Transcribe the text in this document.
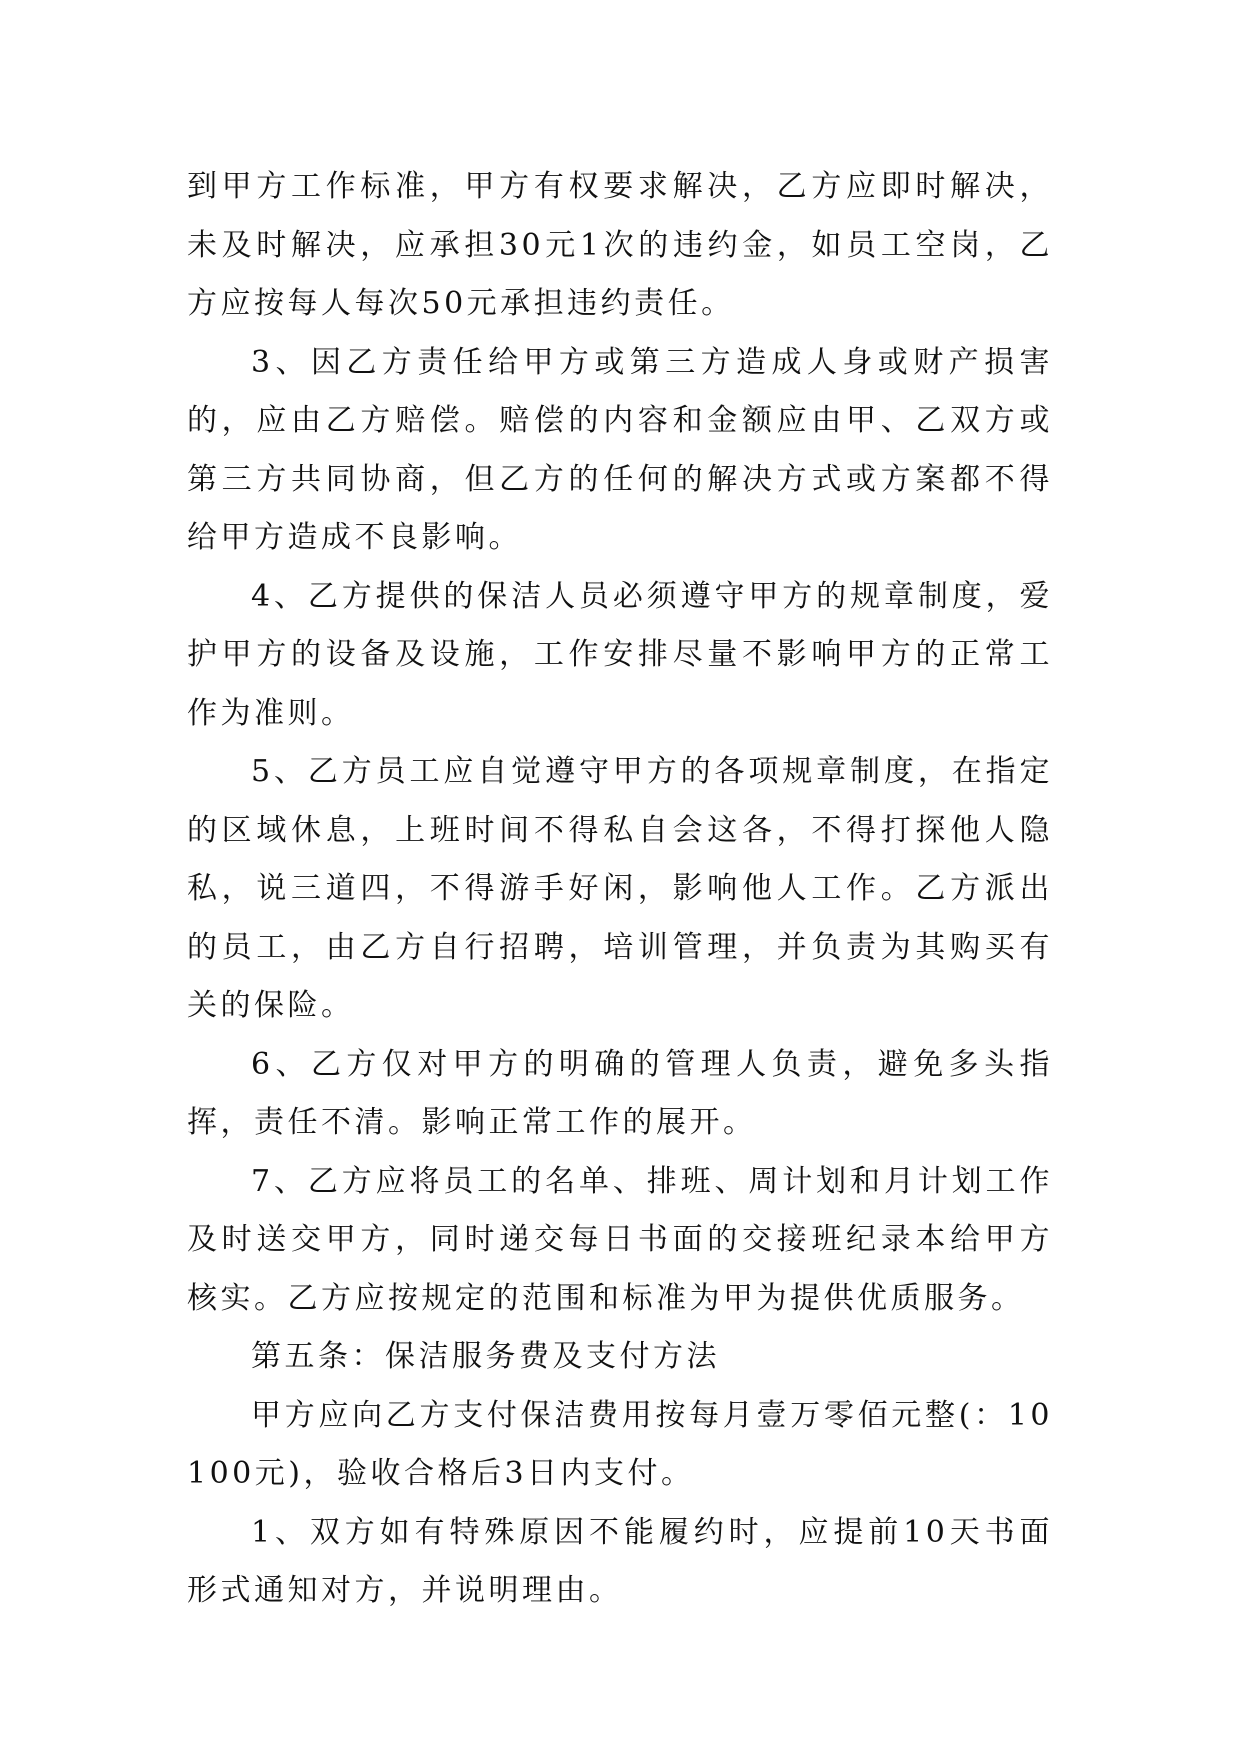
到甲方工作标准，甲方有权要求解决，乙方应即时解决，未及时解决，应承担30元1次的违约金，如员工空岗，乙方应按每人每次50元承担违约责任。

3、因乙方责任给甲方或第三方造成人身或财产损害的，应由乙方赔偿。赔偿的内容和金额应由甲、乙双方或第三方共同协商，但乙方的任何的解决方式或方案都不得给甲方造成不良影响。

4、乙方提供的保洁人员必须遵守甲方的规章制度，爱护甲方的设备及设施，工作安排尽量不影响甲方的正常工作为准则。

5、乙方员工应自觉遵守甲方的各项规章制度，在指定的区域休息，上班时间不得私自会这各，不得打探他人隐私，说三道四，不得游手好闲，影响他人工作。乙方派出的员工，由乙方自行招聘，培训管理，并负责为其购买有关的保险。

6、乙方仅对甲方的明确的管理人负责，避免多头指挥，责任不清。影响正常工作的展开。

7、乙方应将员工的名单、排班、周计划和月计划工作及时送交甲方，同时递交每日书面的交接班纪录本给甲方核实。乙方应按规定的范围和标准为甲为提供优质服务。

第五条：保洁服务费及支付方法

甲方应向乙方支付保洁费用按每月壹万零佰元整(：10100元)，验收合格后3日内支付。

1、双方如有特殊原因不能履约时，应提前10天书面形式通知对方，并说明理由。
